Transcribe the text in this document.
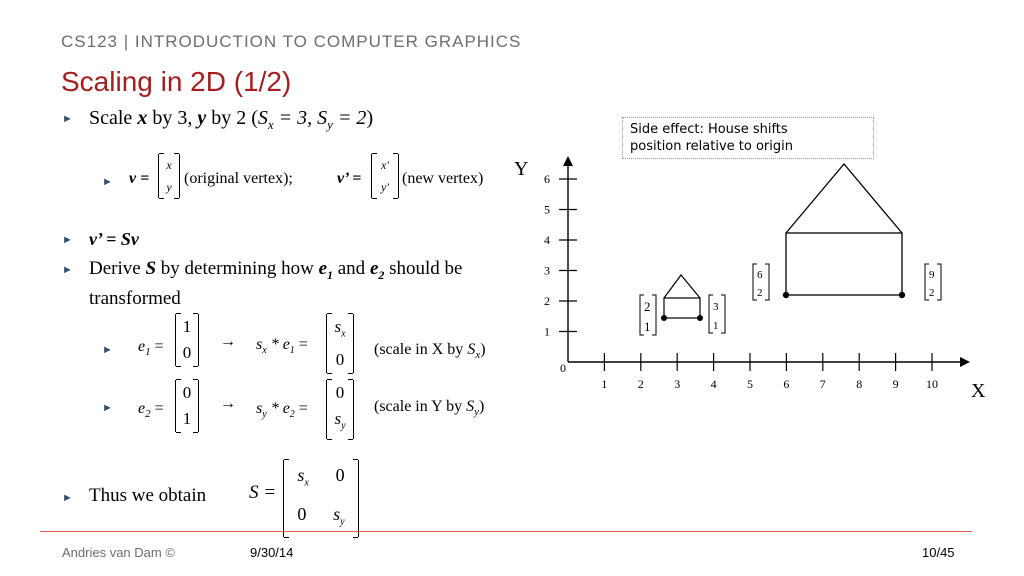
CS123 | INTRODUCTION TO COMPUTER GRAPHICS
Scaling in 2D (1/2)
► Scale x by 3, y by 2 ($S_x = 3$, $S_y = 2$)
► v =
x
y (original vertex);	v’ =
x'
y' (new vertex)
► v’ = Sv
► Derive S by determining how $e_1$ and $e_2$ should be
transformed
► $e_1$ =
1
0
→ $s_x * e_1$ =
$s_x$
0
(scale in X by $S_x$)
► $e_2$ =
0
1
→ $s_y * e_2$ =
0
$s_y$
(scale in Y by $S_y$)
► Thus we obtain S =
$s_x$ 0
0 $s_y$
Side effect: House shifts
position relative to origin
1	2	3	4	5	6	7	8	9 10
1
2
3
4
5
6
Y
X
0
2
1
3
1
6
2
9
2
Andries van Dam ©	9/30/14	10/45
